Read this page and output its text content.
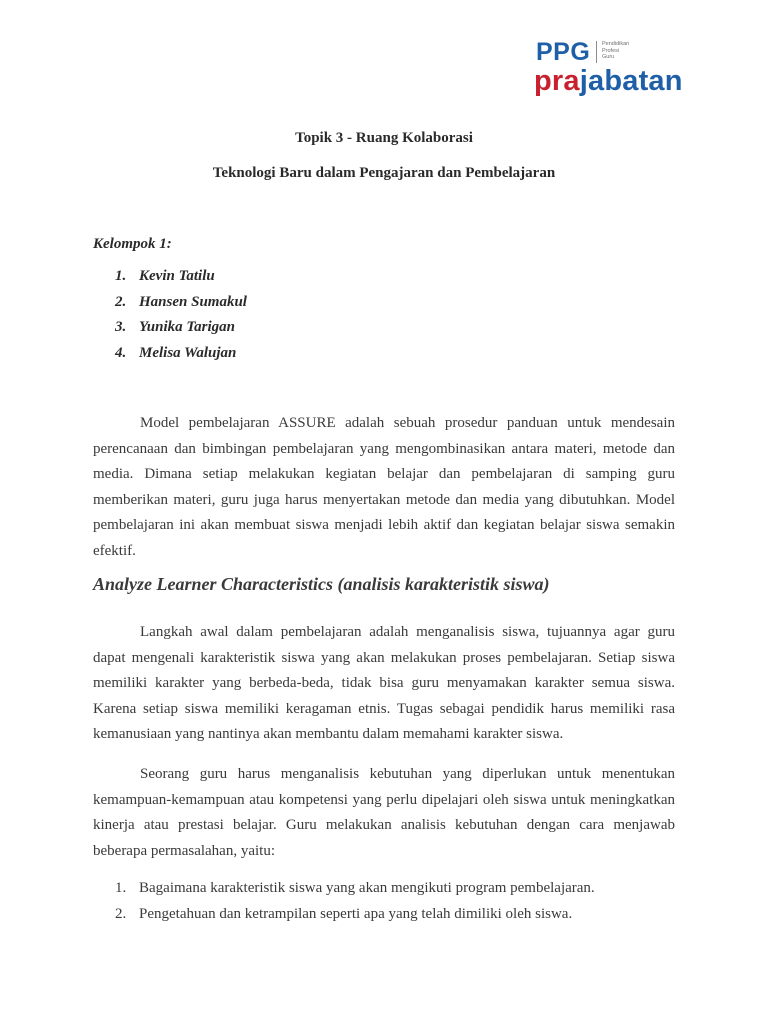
PPG Pendidikan
Profesi
Guru
prajabatan
Topik 3 - Ruang Kolaborasi
Teknologi Baru dalam Pengajaran dan Pembelajaran
Kelompok 1:
1. Kevin Tatilu
2. Hansen Sumakul
3. Yunika Tarigan
4. Melisa Walujan

Model pembelajaran ASSURE adalah sebuah prosedur panduan untuk mendesain perencanaan dan bimbingan pembelajaran yang mengombinasikan antara materi, metode dan media. Dimana setiap melakukan kegiatan belajar dan pembelajaran di samping guru memberikan materi, guru juga harus menyertakan metode dan media yang dibutuhkan. Model pembelajaran ini akan membuat siswa menjadi lebih aktif dan kegiatan belajar siswa semakin efektif.

Analyze Learner Characteristics (analisis karakteristik siswa)

Langkah awal dalam pembelajaran adalah menganalisis siswa, tujuannya agar guru dapat mengenali karakteristik siswa yang akan melakukan proses pembelajaran. Setiap siswa memiliki karakter yang berbeda-beda, tidak bisa guru menyamakan karakter semua siswa. Karena setiap siswa memiliki keragaman etnis. Tugas sebagai pendidik harus memiliki rasa kemanusiaan yang nantinya akan membantu dalam memahami karakter siswa.

Seorang guru harus menganalisis kebutuhan yang diperlukan untuk menentukan kemampuan-kemampuan atau kompetensi yang perlu dipelajari oleh siswa untuk meningkatkan kinerja atau prestasi belajar. Guru melakukan analisis kebutuhan dengan cara menjawab beberapa permasalahan, yaitu:

1. Bagaimana karakteristik siswa yang akan mengikuti program pembelajaran.
2. Pengetahuan dan ketrampilan seperti apa yang telah dimiliki oleh siswa.
